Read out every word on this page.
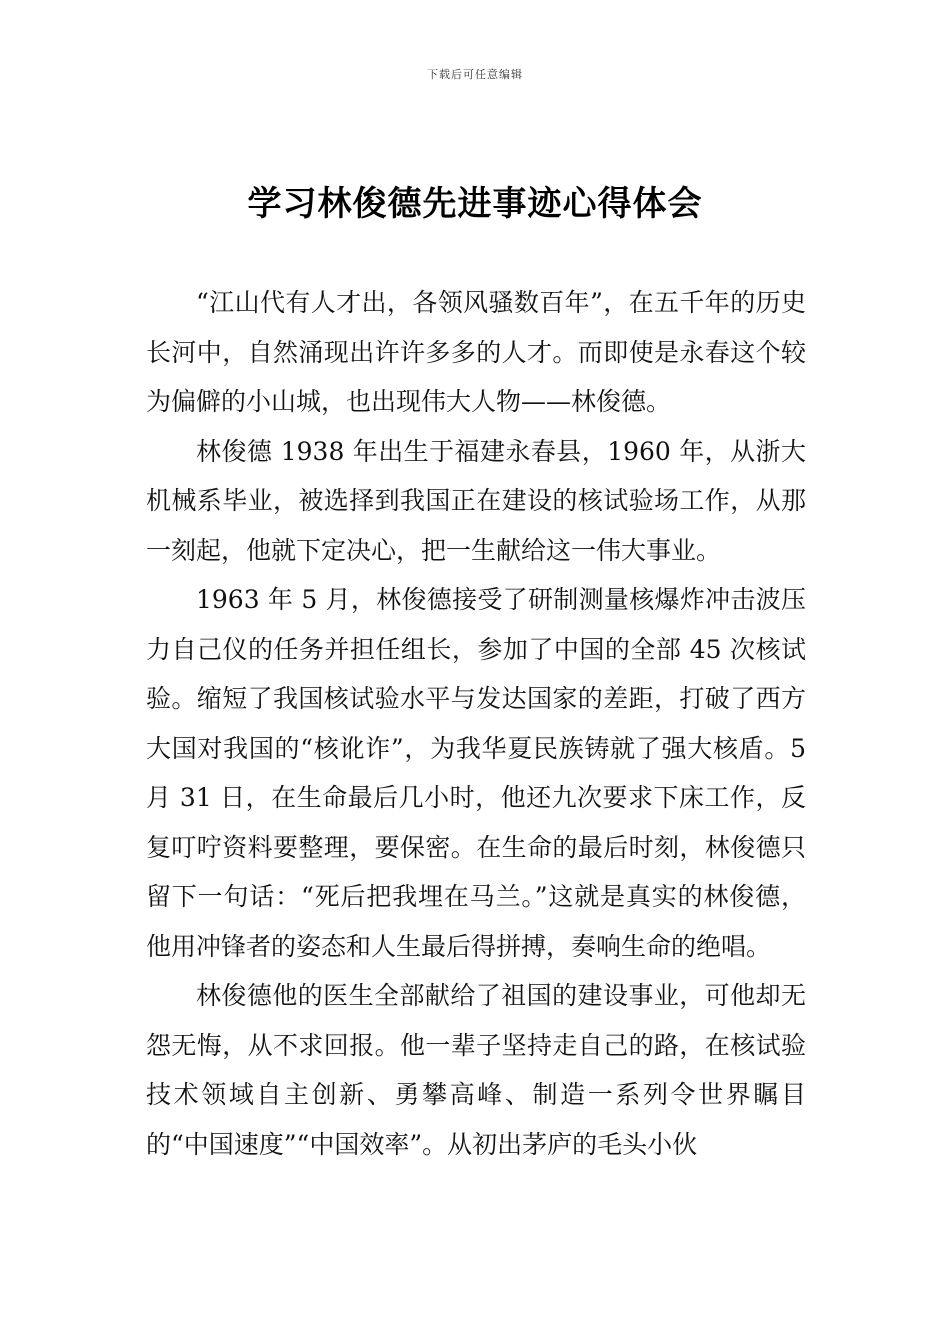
下载后可任意编辑
学习林俊德先进事迹心得体会

“江山代有人才出，各领风骚数百年”，在五千年的历史长河中，自然涌现出许许多多的人才。而即使是永春这个较为偏僻的小山城，也出现伟大人物——林俊德。

林俊德 1938 年出生于福建永春县，1960 年，从浙大机械系毕业，被选择到我国正在建设的核试验场工作，从那一刻起，他就下定决心，把一生献给这一伟大事业。

1963 年 5 月，林俊德接受了研制测量核爆炸冲击波压力自己仪的任务并担任组长，参加了中国的全部 45 次核试验。缩短了我国核试验水平与发达国家的差距，打破了西方大国对我国的“核讹诈”，为我华夏民族铸就了强大核盾。5 月 31 日，在生命最后几小时，他还九次要求下床工作，反复叮咛资料要整理，要保密。在生命的最后时刻，林俊德只留下一句话：“死后把我埋在马兰。”这就是真实的林俊德，他用冲锋者的姿态和人生最后得拼搏，奏响生命的绝唱。

林俊德他的医生全部献给了祖国的建设事业，可他却无怨无悔，从不求回报。他一辈子坚持走自己的路，在核试验技术领域自主创新、勇攀高峰、制造一系列令世界瞩目的“中国速度”“中国效率”。从初出茅庐的毛头小伙
